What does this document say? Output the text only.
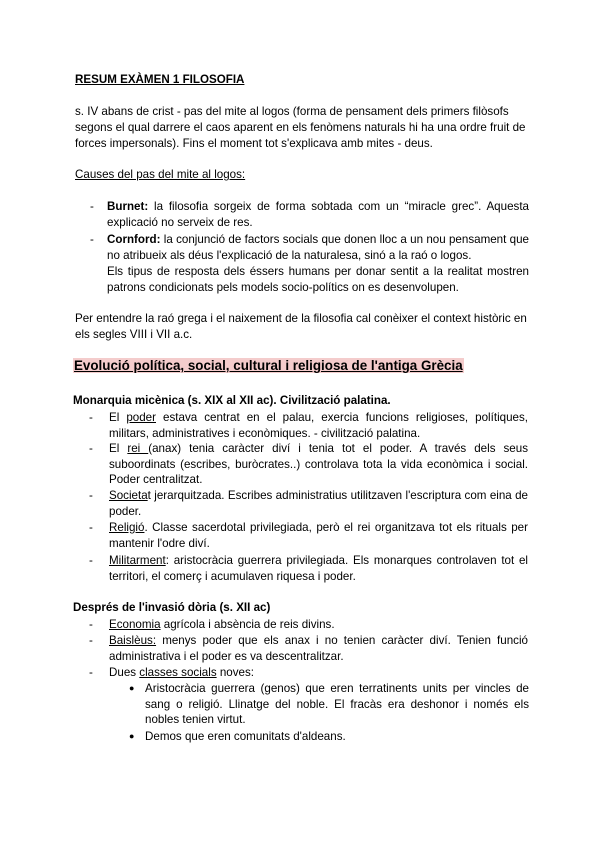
RESUM EXÀMEN 1 FILOSOFIA
s. IV abans de crist - pas del mite al logos (forma de pensament dels primers filòsofs segons el qual darrere el caos aparent en els fenòmens naturals hi ha una ordre fruit de forces impersonals). Fins el moment tot s'explicava amb mites - deus.
Causes del pas del mite al logos:
- Burnet: la filosofia sorgeix de forma sobtada com un “miracle grec”. Aquesta explicació no serveix de res.
- Cornford: la conjunció de factors socials que donen lloc a un nou pensament que no atribueix als déus l'explicació de la naturalesa, sinó a la raó o logos.
Els tipus de resposta dels éssers humans per donar sentit a la realitat mostren patrons condicionats pels models socio-polítics on es desenvolupen.
Per entendre la raó grega i el naixement de la filosofia cal conèixer el context històric en els segles VIII i VII a.c.
Evolució política, social, cultural i religiosa de l'antiga Grècia
Monarquia micènica (s. XIX al XII ac). Civilització palatina.
- El poder estava centrat en el palau, exercia funcions religioses, polítiques, militars, administratives i econòmiques. - civilització palatina.
- El rei (anax) tenia caràcter diví i tenia tot el poder. A través dels seus suboordinats (escribes, buròcrates..) controlava tota la vida econòmica i social. Poder centralitzat.
- Societat jerarquitzada. Escribes administratius utilitzaven l'escriptura com eina de poder.
- Religió. Classe sacerdotal privilegiada, però el rei organitzava tot els rituals per mantenir l'odre diví.
- Militarment: aristocràcia guerrera privilegiada. Els monarques controlaven tot el territori, el comerç i acumulaven riquesa i poder.
Després de l'invasió dòria (s. XII ac)
- Economia agrícola i absència de reis divins.
- Baislèus: menys poder que els anax i no tenien caràcter diví. Tenien funció administrativa i el poder es va descentralitzar.
- Dues classes socials noves:
● Aristocràcia guerrera (genos) que eren terratinents units per vincles de sang o religió. Llinatge del noble. El fracàs era deshonor i només els nobles tenien virtut.
● Demos que eren comunitats d'aldeans.
